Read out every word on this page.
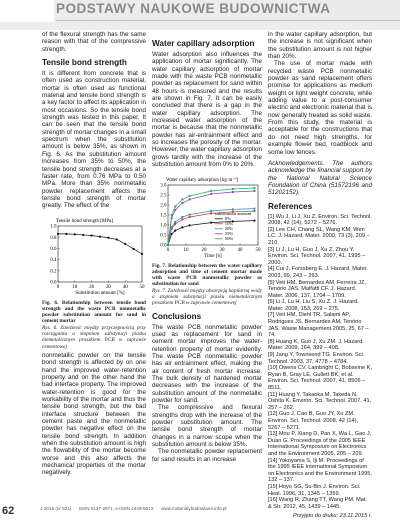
PODSTAWY NAUKOWE BUDOWNICTWA

of the flexural strength has the same reason with that of the compressive strength.

Tensile bond strength

It is different from concrete that is often used as construction material, mortar is often used as functional material and tensile bond strength is a key factor to affect its application in most occasions. So the tensile bond strength was tested in this paper. It can be seen that the tensile bond strength of mortar changes in a small spectrum when the substitution amount is below 35%, as shown in Fig. 6. As the substitution amount increases from 35% to 50%, the tensile bond strength decreases at a faster rate, from 0.76 MPa to 0.50 MPa. More than 35% nonmetallic powder replacement affects the tensile bond strength of mortar greatly. The effect of the

Tensile bond strength [MPa]
0	10 20 30 40 50
0.0
0.2
0.4
0.6
0.8
1.0
Substitution amount [%]
Fig. 6. Relationship between tensile bond strength and the waste PCB nonmetallic powder substitution amount for sand in cement mortar
Rys. 6. Zależność między przyczepnością przy rozciąganiu a stopniem substytucji piasku niemetalicznym proszkiem PCB w zaprawie cementowej

nonmetallic powder on the tensile bond strength is affected by on one hand the improved water-retention property and on the other hand the bad interface property. The improved water-retention is good for the workability of the mortar and thus the tensile bond strength, but the bad interface structure between the cement paste and the nonmetallic powder has negative effect on the tensile bond strength. In addition when the substitution amount is high the flowability of the mortar become worse and this also affects the mechanical properties of the mortar negatively.

Water capillary adsorption

Water adsorption also influences the application of mortar significantly. The water capillary adsorption of mortar made with the waste PCB nonmetallic powder as replacement for sand within 48 hours is measured and the results are shown in Fig. 7. It can be easily concluded that there is a gap in the water capillary adsorption. The increased water adsorption of the mortar is because that the nonmetallic powder has air-entrainment effect and so increases the porosity of the mortar. However, the water capillary adsorption grows tardily with the increase of the substitution amount from 0% to 20%.

Water capillary adsorption [kg·m⁻²]
0	10	20	30	40	50
0.0
0.5
1.0
1.5
2.0
2.5
3.0
Time [h]
substitution amount
0%
10%
20%
35%
50%
Fig. 7. Relationship between the water capillary adsorption and time of cement mortar made with waste PCB nonmetallic powder as substitution for sand
Rys. 7. Zależność między absorpcją kapilarną wody a stopniem substytucji piasku niemetalicznym proszkiem PCB w zaprawie cementowej
Conclusions

The waste PCB nonmetallic powder used as replacement for sand in cement mortar improves the water-retention property of mortar evidently. The waste PCB nonmetallic powder has air entrainment effect, making the air content of fresh mortar increase. The bulk density of hardened mortar decreases with the increase of the substitution amount of the nonmetallic powder for sand.

The compressive and flexural strengths drop with the increase of the powder substitution amount. The tensile bond strength of mortar changes in a narrow scope when the substitution amount is below 35%.

The nonmetallic powder replacement for sand results in an increase

in the water capillary adsorption, but the increase is not significant when the substitution amount is not higher than 20%.

The use of mortar made with recycled waste PCB nonmetallic powder as sand replacement offers promise for applications as medium weight or light weight concrete, while adding value to a post-consumer electric and electronic material that is now generally treated as solid waste. From this study, the material is acceptable for the constructions that do not need high strengths, for example flower bed, roadblock and some low fences.

Acknowledgements. The authors acknowledge the financial support by the National Natural Science Foundation of China (51572196 and 51202152).

References
[1] Wu J, Li J, Xu Z. Environ. Sci. Technol. 2008, 42 (14), 5272 – 5276.
[2] Lee CH, Chang SL, Wang KM, Wen LC. J. Hazard. Mater. 2000, 73 (3), 209 – 210.
[3] Li J, Lu H, Guo J, Xu Z, Zhou Y. Environ. Sci. Technol. 2007, 41, 1995 – 2000.
[4] Cui J, Forssberg E. J. Hazard. Mater. 2003, 99, 243 – 263.
[5] Veit HM, Bernardes AM, Ferreira JZ, Tenório JAS, Malfatti CF. J. Hazard. Mater. 2006, 137, 1704 – 1709.
[6] Li J, Lu H, Liu S, Xu Z. J. Hazard. Mater. 2008, 153, 269 – 275.
[7] Veit HM, Diehl TR, Salami AP, Rodrigues JS, Bernardes AM, Tenório JAS. Waste Management 2005, 25, 67 – 74.
[8] Huang K, Guo J, Xu ZM. J. Hazard. Mater. 2009, 164, 399 – 408.
[9] Jang Y, Townsend TG. Environ. Sci. Technol. 2003, 37, 4778 – 4784.
[10] Owens CV, Lambright C, Bobseine K, Ryan B, Gray LE, Gullett BK, et al. Environ. Sci. Technol. 2007, 41, 8506 – 8511.
[11] Huang Y, Takaoka M, Takeda N, Oshita K. Environ. Sci. Technol. 2007, 41, 257 – 262.
[12] Guo J, Cao B, Guo JY, Xu ZM. Environ. Sci. Technol. 2008, 42 (14), 5267 – 5271.
[13] Mou P, Xiang D, Pan X, Wa L, Gao J, Duan G. Proceedings of the 2005 IEEE International Symposium on Electronics and the Environment 2005, 205 – 209.
[14] Yokoyama S, Iji M. Proceedings of the 1995 IEEE International Symposium on Electronics and the Environment 1995, 132 – 137.
[15] Hoyo SG, Su-Bin J. Environ. Sci. Heal. 1996, 31, 1345 – 1359.
[16] Wang R, Zhang TT, Wang PM. Mat. & Str. 2012, 45, 1439 – 1445.
Przyjęto do druku: 23.11.2015 r.
62	1 2016 (nr 521) ISSN 0137-2971, e-ISSN 2449-951X www.materialybudowlane.info.pl
